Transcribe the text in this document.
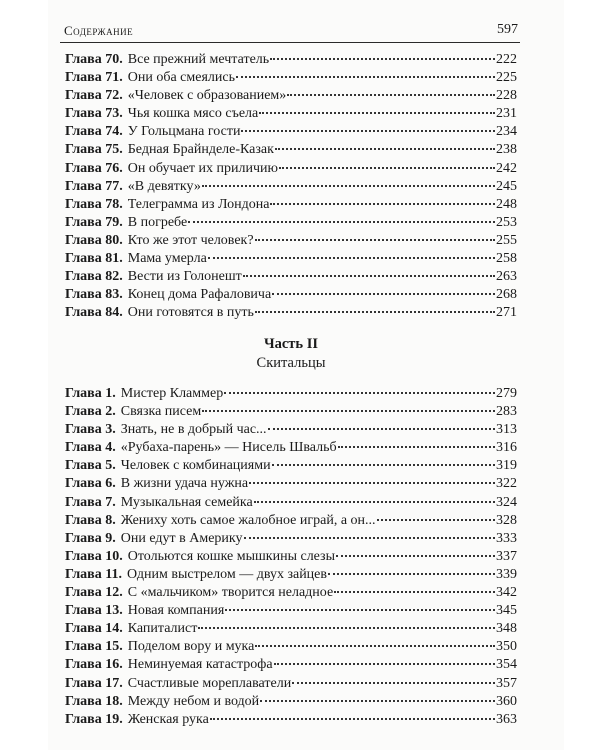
Содержание	597
Глава 70. Все прежний мечтатель	222
Глава 71. Они оба смеялись	225
Глава 72. «Человек с образованием»	228
Глава 73. Чья кошка мясо съела	231
Глава 74. У Гольцмана гости	234
Глава 75. Бедная Брайнделе-Казак	238
Глава 76. Он обучает их приличию	242
Глава 77. «В девятку»	245
Глава 78. Телеграмма из Лондона	248
Глава 79. В погребе	253
Глава 80. Кто же этот человек?	255
Глава 81. Мама умерла	258
Глава 82. Вести из Голонешт	263
Глава 83. Конец дома Рафаловича	268
Глава 84. Они готовятся в путь	271
Часть II
Скитальцы
Глава 1. Мистер Кламмер	279
Глава 2. Связка писем	283
Глава 3. Знать, не в добрый час...	313
Глава 4. «Рубаха-парень» — Нисель Швальб	316
Глава 5. Человек с комбинациями	319
Глава 6. В жизни удача нужна	322
Глава 7. Музыкальная семейка	324
Глава 8. Жениху хоть самое жалобное играй, а он...	328
Глава 9. Они едут в Америку	333
Глава 10. Отольются кошке мышкины слезы	337
Глава 11. Одним выстрелом — двух зайцев	339
Глава 12. С «мальчиком» творится неладное	342
Глава 13. Новая компания	345
Глава 14. Капиталист	348
Глава 15. Поделом вору и мука	350
Глава 16. Неминуемая катастрофа	354
Глава 17. Счастливые мореплаватели	357
Глава 18. Между небом и водой	360
Глава 19. Женская рука	363
